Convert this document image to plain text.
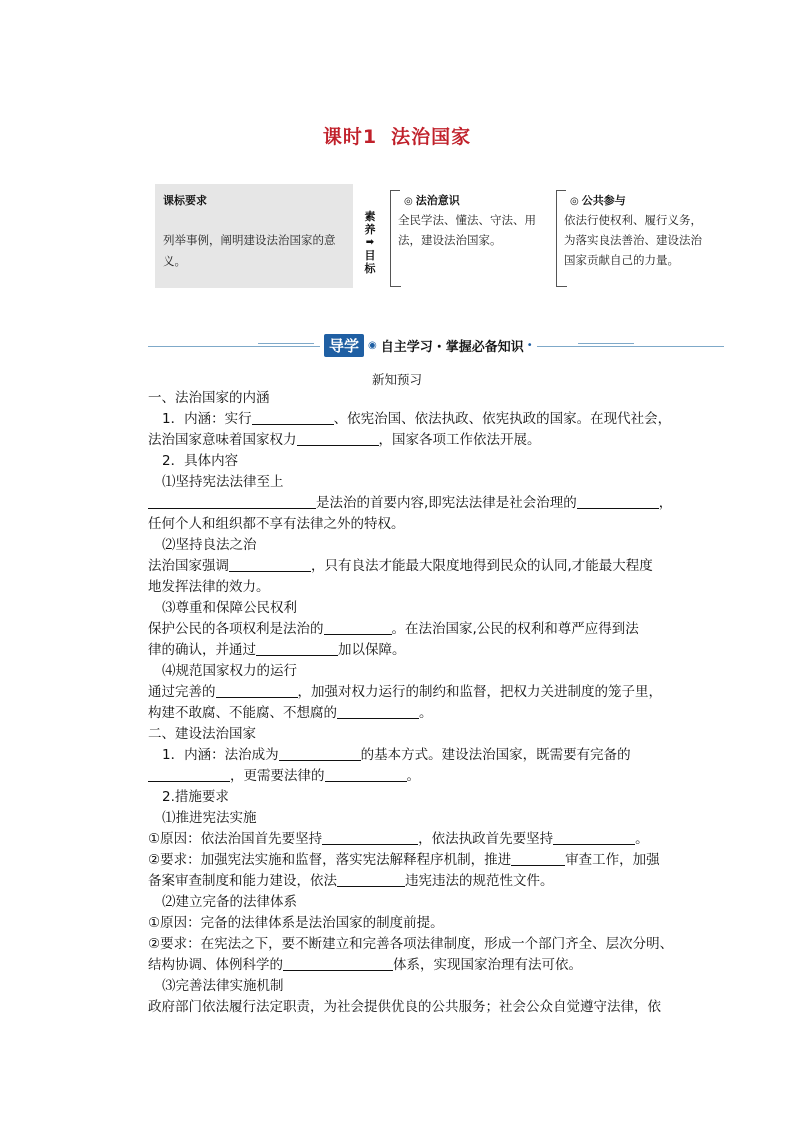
课时1 法治国家
课标要求
列举事例，阐明建设法治国家的意义。
素
养
➡
目
标
◎ 法治意识
全民学法、懂法、守法、用法，建设法治国家。
◎ 公共参与
依法行使权利、履行义务，为落实良法善治、建设法治国家贡献自己的力量。
导学 ◉ 自主学习・掌握必备知识 •
新知预习

一、法治国家的内涵

1．内涵：实行	、依宪治国、依法执政、依宪执政的国家。在现代社会，

法治国家意味着国家权力	，国家各项工作依法开展。

2．具体内容

⑴坚持宪法法律至上

是法治的首要内容,即宪法法律是社会治理的	，

任何个人和组织都不享有法律之外的特权。

⑵坚持良法之治

法治国家强调	，只有良法才能最大限度地得到民众的认同,才能最大程度

地发挥法律的效力。

⑶尊重和保障公民权利

保护公民的各项权利是法治的	。在法治国家,公民的权利和尊严应得到法

律的确认，并通过	加以保障。

⑷规范国家权力的运行

通过完善的	，加强对权力运行的制约和监督，把权力关进制度的笼子里，

构建不敢腐、不能腐、不想腐的	。

二、建设法治国家

1．内涵：法治成为	的基本方式。建设法治国家，既需要有完备的

，更需要法律的	。

2.措施要求

⑴推进宪法实施

①原因：依法治国首先要坚持	，依法执政首先要坚持	。

②要求：加强宪法实施和监督，落实宪法解释程序机制，推进	审查工作，加强

备案审查制度和能力建设，依法	违宪违法的规范性文件。

⑵建立完备的法律体系

①原因：完备的法律体系是法治国家的制度前提。

②要求：在宪法之下，要不断建立和完善各项法律制度，形成一个部门齐全、层次分明、

结构协调、体例科学的	体系，实现国家治理有法可依。

⑶完善法律实施机制

政府部门依法履行法定职责，为社会提供优良的公共服务；社会公众自觉遵守法律，依
